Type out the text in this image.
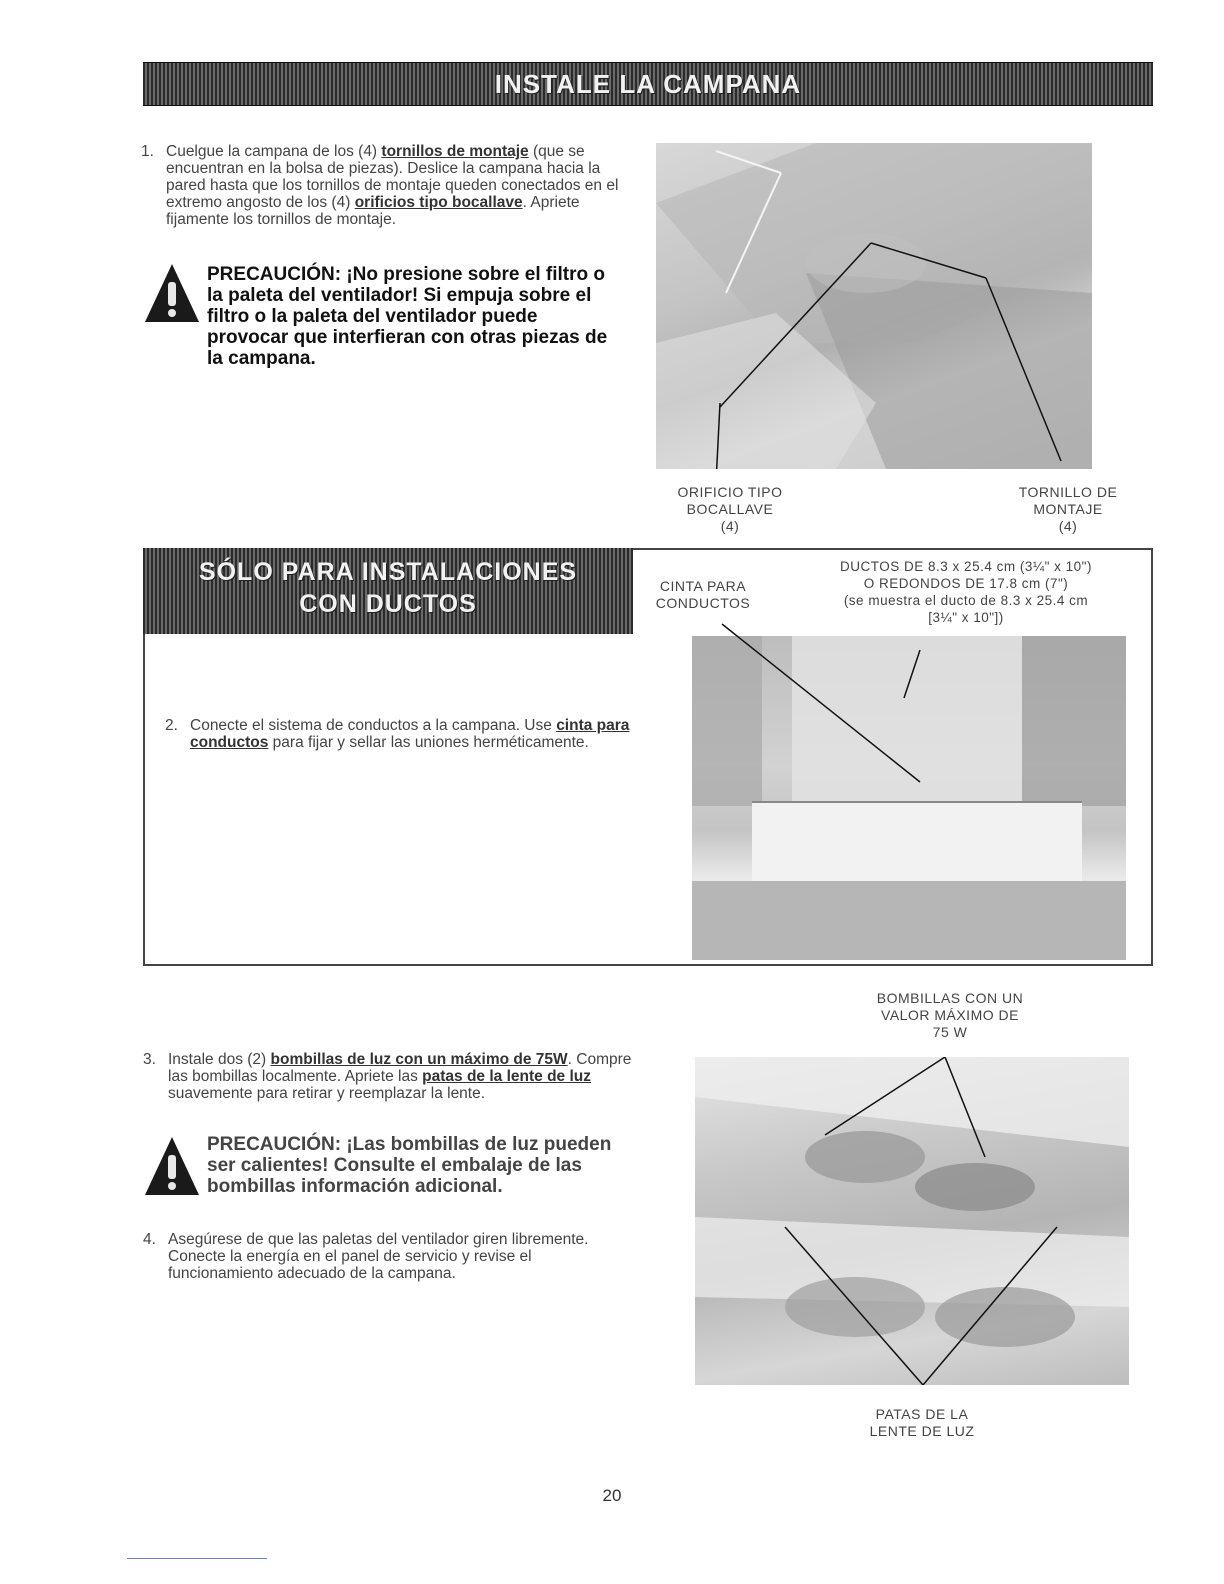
INSTALE LA CAMPANA
1. Cuelgue la campana de los (4) tornillos de montaje (que se encuentran en la bolsa de piezas). Deslice la campana hacia la pared hasta que los tornillos de montaje queden conectados en el extremo angosto de los (4) orificios tipo bocallave. Apriete fijamente los tornillos de montaje.
PRECAUCIÓN: ¡No presione sobre el filtro o
la paleta del ventilador! Si empuja sobre el
filtro o la paleta del ventilador puede
provocar que interfieran con otras piezas de
la campana.
ORIFICIO TIPO
BOCALLAVE
(4)
TORNILLO DE
MONTAJE
(4)
SÓLO PARA INSTALACIONES
CON DUCTOS
CINTA PARA
CONDUCTOS
DUCTOS DE 8.3 x 25.4 cm (3¼" x 10")
O REDONDOS DE 17.8 cm (7")
(se muestra el ducto de 8.3 x 25.4 cm
[3¼" x 10"])
2. Conecte el sistema de conductos a la campana. Use cinta para conductos para fijar y sellar las uniones herméticamente.
3. Instale dos (2) bombillas de luz con un máximo de 75W. Compre las bombillas localmente. Apriete las patas de la lente de luz suavemente para retirar y reemplazar la lente.
PRECAUCIÓN: ¡Las bombillas de luz pueden
ser calientes! Consulte el embalaje de las
bombillas información adicional.
4. Asegúrese de que las paletas del ventilador giren libremente. Conecte la energía en el panel de servicio y revise el funcionamiento adecuado de la campana.
BOMBILLAS CON UN
VALOR MÁXIMO DE
75 W
PATAS DE LA
LENTE DE LUZ
20
